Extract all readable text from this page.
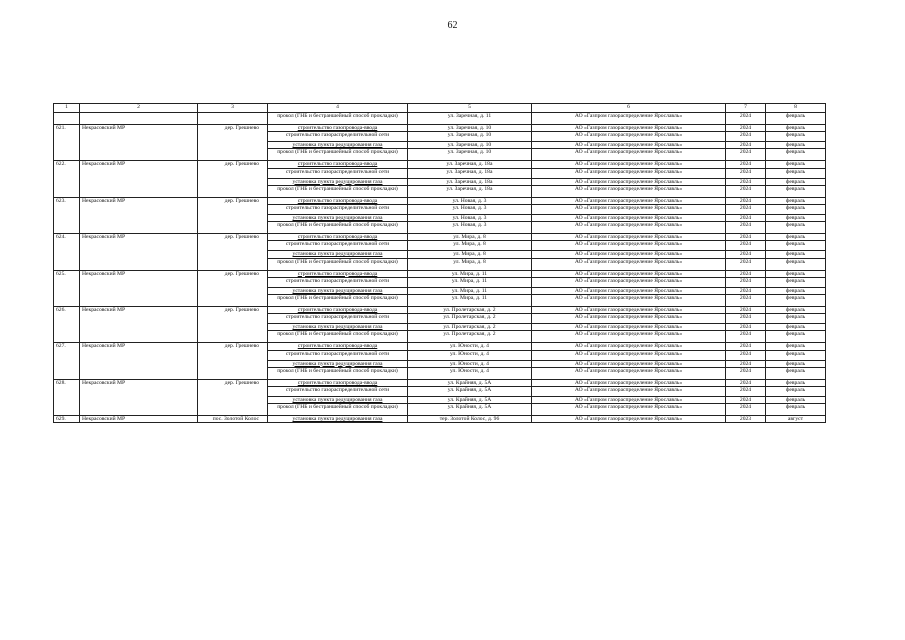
62
1	2	3	4	5	6	7	8
			прокол (ГНБ и бестраншейный способ прокладки)	ул. Заречная, д. 11	АО «Газпром газораспределение Ярославль»	2024	февраль
621.	Некрасовский МР	дер. Грешнево	строительство газопровода-ввода	ул. Заречная, д. 10	АО «Газпром газораспределение Ярославль»	2024	февраль
			строительство газораспределительной сети	ул. Заречная, д. 10	АО «Газпром газораспределение Ярославль»	2024	февраль
			установка пункта редуцирования газа	ул. Заречная, д. 10	АО «Газпром газораспределение Ярославль»	2024	февраль
			прокол (ГНБ и бестраншейный способ прокладки)	ул. Заречная, д. 10	АО «Газпром газораспределение Ярославль»	2024	февраль
622.	Некрасовский МР	дер. Грешнево	строительство газопровода-ввода	ул. Заречная, д. 18а	АО «Газпром газораспределение Ярославль»	2024	февраль
			строительство газораспределительной сети	ул. Заречная, д. 18а	АО «Газпром газораспределение Ярославль»	2024	февраль
			установка пункта редуцирования газа	ул. Заречная, д. 18а	АО «Газпром газораспределение Ярославль»	2024	февраль
			прокол (ГНБ и бестраншейный способ прокладки)	ул. Заречная, д. 18а	АО «Газпром газораспределение Ярославль»	2024	февраль
623.	Некрасовский МР	дер. Грешнево	строительство газопровода-ввода	ул. Новая, д. 3	АО «Газпром газораспределение Ярославль»	2024	февраль
			строительство газораспределительной сети	ул. Новая, д. 3	АО «Газпром газораспределение Ярославль»	2024	февраль
			установка пункта редуцирования газа	ул. Новая, д. 3	АО «Газпром газораспределение Ярославль»	2024	февраль
			прокол (ГНБ и бестраншейный способ прокладки)	ул. Новая, д. 3	АО «Газпром газораспределение Ярославль»	2024	февраль
624.	Некрасовский МР	дер. Грешнево	строительство газопровода-ввода	ул. Мира, д. 8	АО «Газпром газораспределение Ярославль»	2024	февраль
			строительство газораспределительной сети	ул. Мира, д. 8	АО «Газпром газораспределение Ярославль»	2024	февраль
			установка пункта редуцирования газа	ул. Мира, д. 8	АО «Газпром газораспределение Ярославль»	2024	февраль
			прокол (ГНБ и бестраншейный способ прокладки)	ул. Мира, д. 8	АО «Газпром газораспределение Ярославль»	2024	февраль
625.	Некрасовский МР	дер. Грешнево	строительство газопровода-ввода	ул. Мира, д. 11	АО «Газпром газораспределение Ярославль»	2024	февраль
			строительство газораспределительной сети	ул. Мира, д. 11	АО «Газпром газораспределение Ярославль»	2024	февраль
			установка пункта редуцирования газа	ул. Мира, д. 11	АО «Газпром газораспределение Ярославль»	2024	февраль
			прокол (ГНБ и бестраншейный способ прокладки)	ул. Мира, д. 11	АО «Газпром газораспределение Ярославль»	2024	февраль
626.	Некрасовский МР	дер. Грешнево	строительство газопровода-ввода	ул. Пролетарская, д. 2	АО «Газпром газораспределение Ярославль»	2024	февраль
			строительство газораспределительной сети	ул. Пролетарская, д. 2	АО «Газпром газораспределение Ярославль»	2024	февраль
			установка пункта редуцирования газа	ул. Пролетарская, д. 2	АО «Газпром газораспределение Ярославль»	2024	февраль
			прокол (ГНБ и бестраншейный способ прокладки)	ул. Пролетарская, д. 2	АО «Газпром газораспределение Ярославль»	2024	февраль
627.	Некрасовский МР	дер. Грешнево	строительство газопровода-ввода	ул. Юности, д. 4	АО «Газпром газораспределение Ярославль»	2024	февраль
			строительство газораспределительной сети	ул. Юности, д. 4	АО «Газпром газораспределение Ярославль»	2024	февраль
			установка пункта редуцирования газа	ул. Юности, д. 4	АО «Газпром газораспределение Ярославль»	2024	февраль
			прокол (ГНБ и бестраншейный способ прокладки)	ул. Юности, д. 4	АО «Газпром газораспределение Ярославль»	2024	февраль
628.	Некрасовский МР	дер. Грешнево	строительство газопровода-ввода	ул. Крайняя, д. 5А	АО «Газпром газораспределение Ярославль»	2024	февраль
			строительство газораспределительной сети	ул. Крайняя, д. 5А	АО «Газпром газораспределение Ярославль»	2024	февраль
			установка пункта редуцирования газа	ул. Крайняя, д. 5А	АО «Газпром газораспределение Ярославль»	2024	февраль
			прокол (ГНБ и бестраншейный способ прокладки)	ул. Крайняя, д. 5А	АО «Газпром газораспределение Ярославль»	2024	февраль
629.	Некрасовский МР	пос. Золотой Колос	установка пункта редуцирования газа	тер. Золотой Колос, д. 96	АО «Газпром газораспределение Ярославль»	2023	август
